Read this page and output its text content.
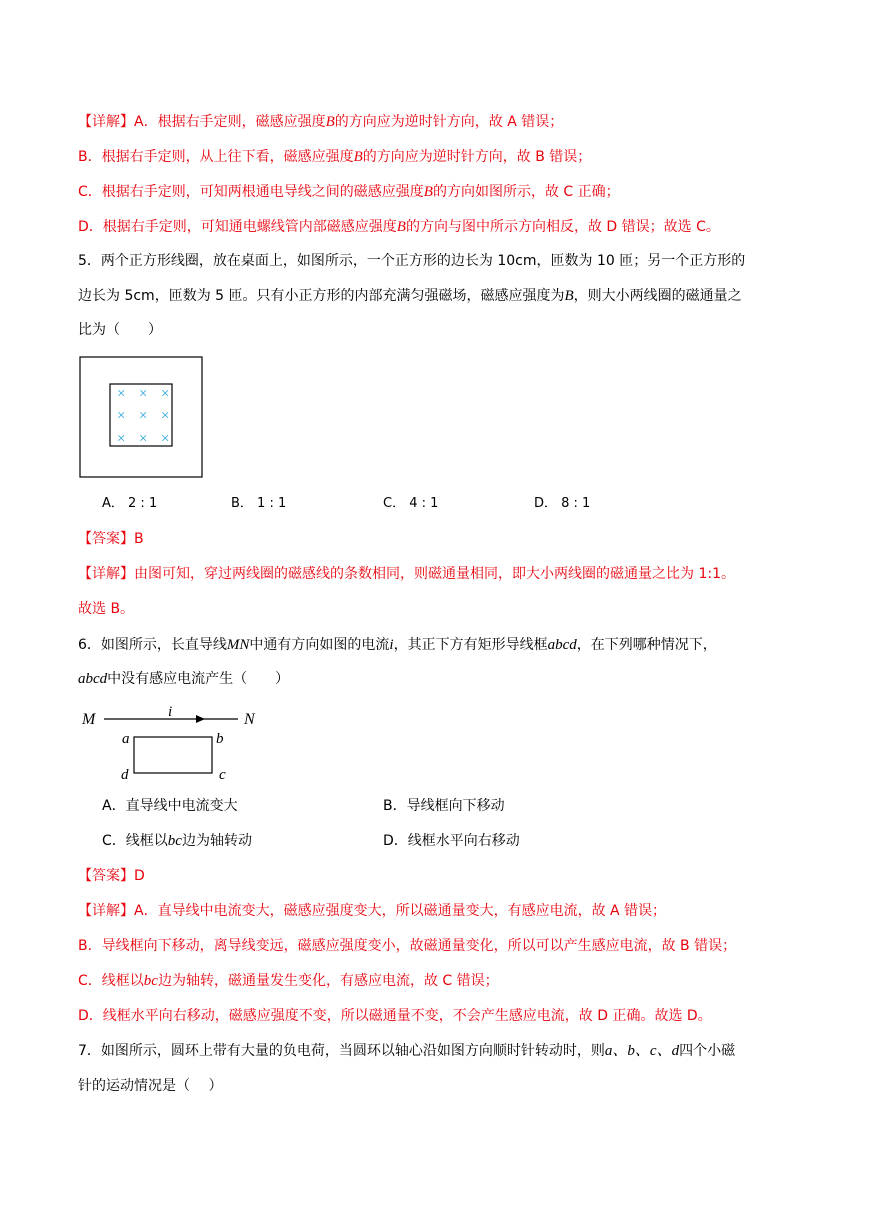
【详解】A．根据右手定则，磁感应强度B的方向应为逆时针方向，故 A 错误；
B．根据右手定则，从上往下看，磁感应强度B的方向应为逆时针方向，故 B 错误；
C．根据右手定则，可知两根通电导线之间的磁感应强度B的方向如图所示，故 C 正确；
D．根据右手定则，可知通电螺线管内部磁感应强度B的方向与图中所示方向相反，故 D 错误；故选 C。
5．两个正方形线圈，放在桌面上，如图所示，一个正方形的边长为 10cm，匝数为 10 匝；另一个正方形的
边长为 5cm，匝数为 5 匝。只有小正方形的内部充满匀强磁场，磁感应强度为B，则大小两线圈的磁通量之
比为（　　）
× × ×
× × ×
× × ×
A． 2 : 1	B． 1 : 1	C． 4 : 1	D． 8 : 1
【答案】B
【详解】由图可知，穿过两线圈的磁感线的条数相同，则磁通量相同，即大小两线圈的磁通量之比为 1:1。
故选 B。
6．如图所示，长直导线MN中通有方向如图的电流i，其正下方有矩形导线框abcd，在下列哪种情况下，
abcd中没有感应电流产生（　　）
M	N
i
a	b
d	c
A．直导线中电流变大	B．导线框向下移动
C．线框以bc边为轴转动	D．线框水平向右移动
【答案】D
【详解】A．直导线中电流变大，磁感应强度变大，所以磁通量变大，有感应电流，故 A 错误；
B．导线框向下移动，离导线变远，磁感应强度变小，故磁通量变化，所以可以产生感应电流，故 B 错误；
C．线框以bc边为轴转，磁通量发生变化，有感应电流，故 C 错误；
D．线框水平向右移动，磁感应强度不变，所以磁通量不变，不会产生感应电流，故 D 正确。故选 D。
7．如图所示，圆环上带有大量的负电荷，当圆环以轴心沿如图方向顺时针转动时，则a、b、c、d四个小磁
针的运动情况是（　 ）
